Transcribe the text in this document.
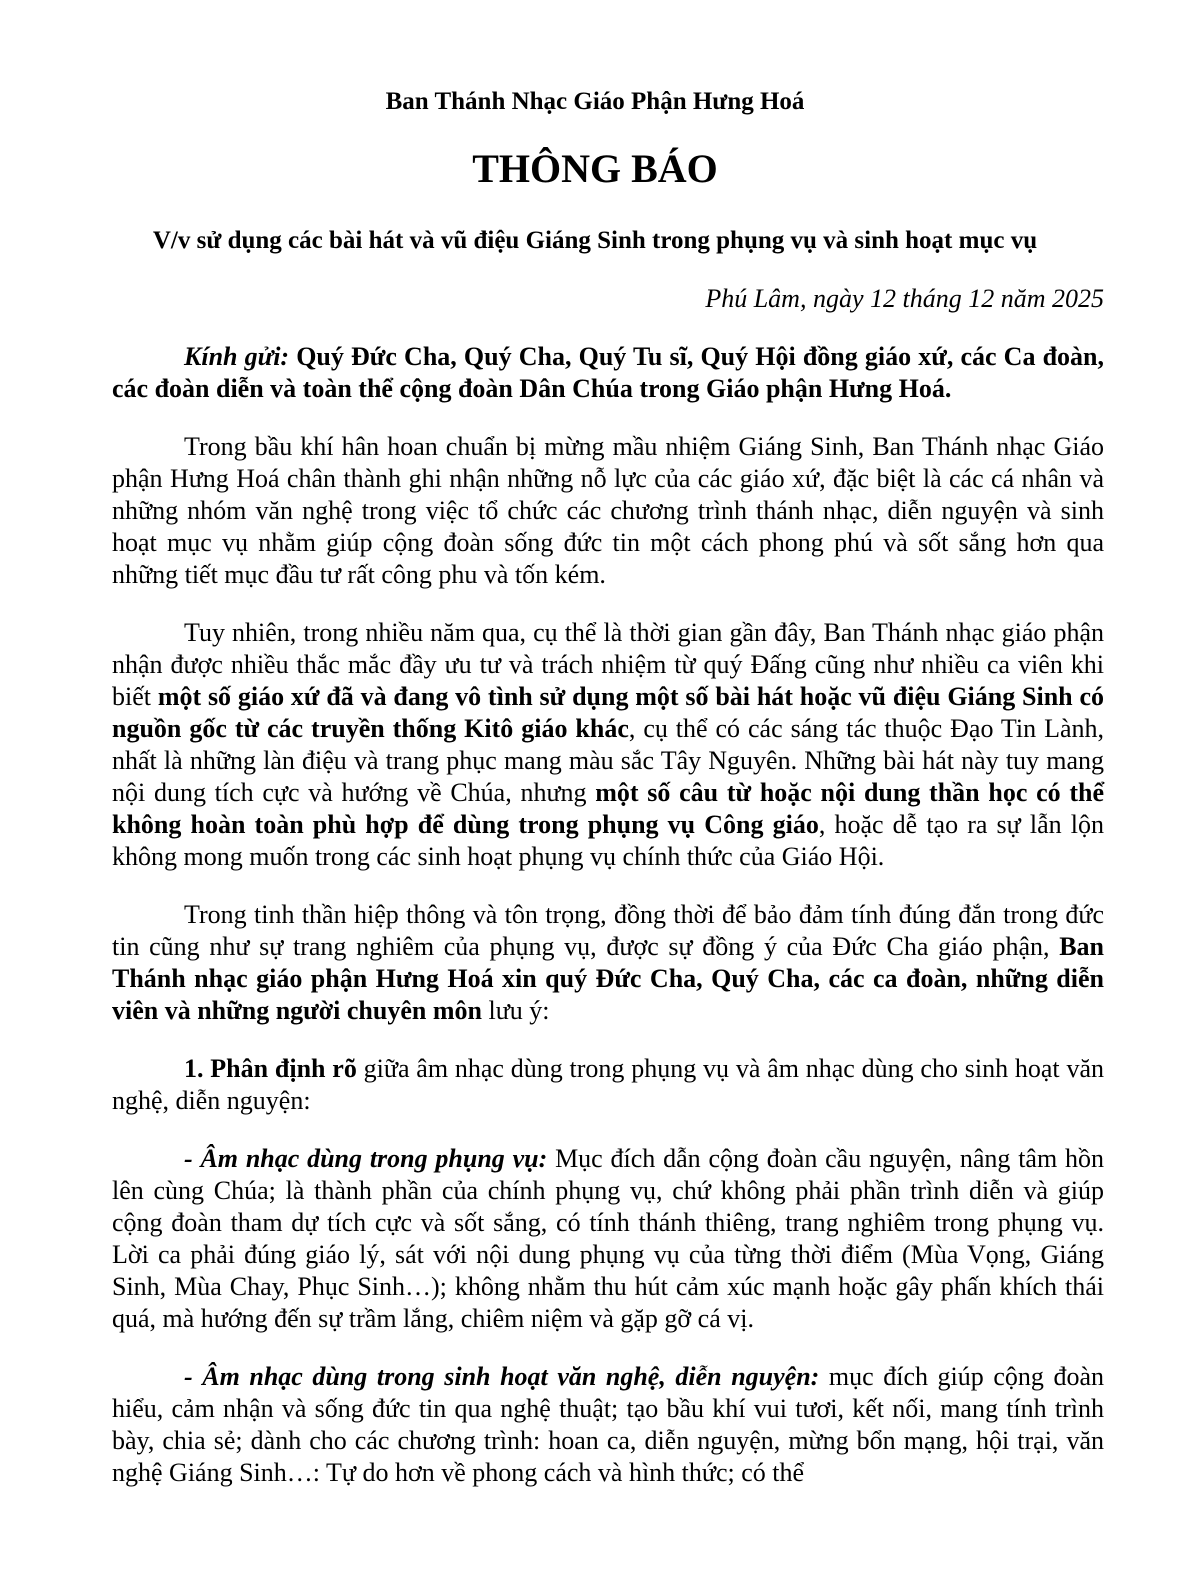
Ban Thánh Nhạc Giáo Phận Hưng Hoá

THÔNG BÁO

V/v sử dụng các bài hát và vũ điệu Giáng Sinh trong phụng vụ và sinh hoạt mục vụ

Phú Lâm, ngày 12 tháng 12 năm 2025

Kính gửi: Quý Đức Cha, Quý Cha, Quý Tu sĩ, Quý Hội đồng giáo xứ, các Ca đoàn, các đoàn diễn và toàn thể cộng đoàn Dân Chúa trong Giáo phận Hưng Hoá.

Trong bầu khí hân hoan chuẩn bị mừng mầu nhiệm Giáng Sinh, Ban Thánh nhạc Giáo phận Hưng Hoá chân thành ghi nhận những nỗ lực của các giáo xứ, đặc biệt là các cá nhân và những nhóm văn nghệ trong việc tổ chức các chương trình thánh nhạc, diễn nguyện và sinh hoạt mục vụ nhằm giúp cộng đoàn sống đức tin một cách phong phú và sốt sắng hơn qua những tiết mục đầu tư rất công phu và tốn kém.

Tuy nhiên, trong nhiều năm qua, cụ thể là thời gian gần đây, Ban Thánh nhạc giáo phận nhận được nhiều thắc mắc đầy ưu tư và trách nhiệm từ quý Đấng cũng như nhiều ca viên khi biết một số giáo xứ đã và đang vô tình sử dụng một số bài hát hoặc vũ điệu Giáng Sinh có nguồn gốc từ các truyền thống Kitô giáo khác, cụ thể có các sáng tác thuộc Đạo Tin Lành, nhất là những làn điệu và trang phục mang màu sắc Tây Nguyên. Những bài hát này tuy mang nội dung tích cực và hướng về Chúa, nhưng một số câu từ hoặc nội dung thần học có thể không hoàn toàn phù hợp để dùng trong phụng vụ Công giáo, hoặc dễ tạo ra sự lẫn lộn không mong muốn trong các sinh hoạt phụng vụ chính thức của Giáo Hội.

Trong tinh thần hiệp thông và tôn trọng, đồng thời để bảo đảm tính đúng đắn trong đức tin cũng như sự trang nghiêm của phụng vụ, được sự đồng ý của Đức Cha giáo phận, Ban Thánh nhạc giáo phận Hưng Hoá xin quý Đức Cha, Quý Cha, các ca đoàn, những diễn viên và những người chuyên môn lưu ý:

1. Phân định rõ giữa âm nhạc dùng trong phụng vụ và âm nhạc dùng cho sinh hoạt văn nghệ, diễn nguyện:

- Âm nhạc dùng trong phụng vụ: Mục đích dẫn cộng đoàn cầu nguyện, nâng tâm hồn lên cùng Chúa; là thành phần của chính phụng vụ, chứ không phải phần trình diễn và giúp cộng đoàn tham dự tích cực và sốt sắng, có tính thánh thiêng, trang nghiêm trong phụng vụ. Lời ca phải đúng giáo lý, sát với nội dung phụng vụ của từng thời điểm (Mùa Vọng, Giáng Sinh, Mùa Chay, Phục Sinh…); không nhằm thu hút cảm xúc mạnh hoặc gây phấn khích thái quá, mà hướng đến sự trầm lắng, chiêm niệm và gặp gỡ cá vị.

- Âm nhạc dùng trong sinh hoạt văn nghệ, diễn nguyện: mục đích giúp cộng đoàn hiểu, cảm nhận và sống đức tin qua nghệ thuật; tạo bầu khí vui tươi, kết nối, mang tính trình bày, chia sẻ; dành cho các chương trình: hoan ca, diễn nguyện, mừng bổn mạng, hội trại, văn nghệ Giáng Sinh…: Tự do hơn về phong cách và hình thức; có thể
